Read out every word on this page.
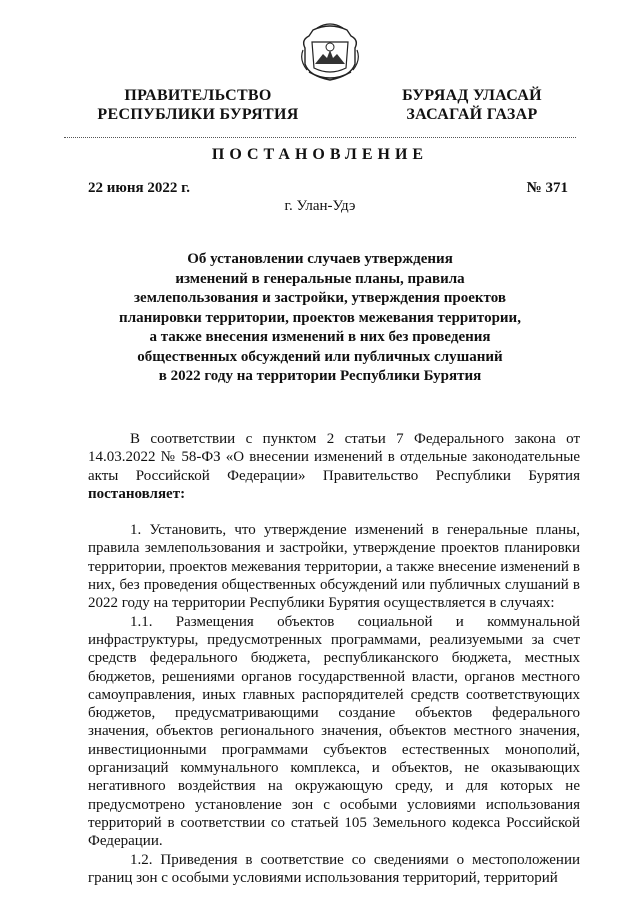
ПРАВИТЕЛЬСТВО
РЕСПУБЛИКИ БУРЯТИЯ
БУРЯАД УЛАСАЙ
ЗАСАГАЙ ГАЗАР
ПОСТАНОВЛЕНИЕ
22 июня 2022 г.	№ 371
г. Улан-Удэ
Об установлении случаев утверждения
изменений в генеральные планы, правила
землепользования и застройки, утверждения проектов
планировки территории, проектов межевания территории,
а также внесения изменений в них без проведения
общественных обсуждений или публичных слушаний
в 2022 году на территории Республики Бурятия

В соответствии с пунктом 2 статьи 7 Федерального закона от 14.03.2022 № 58-ФЗ «О внесении изменений в отдельные законодательные акты Российской Федерации» Правительство Республики Бурятия постановляет:

1. Установить, что утверждение изменений в генеральные планы, правила землепользования и застройки, утверждение проектов планировки территории, проектов межевания территории, а также внесение изменений в них, без проведения общественных обсуждений или публичных слушаний в 2022 году на территории Республики Бурятия осуществляется в случаях:

1.1. Размещения объектов социальной и коммунальной инфраструктуры, предусмотренных программами, реализуемыми за счет средств федерального бюджета, республиканского бюджета, местных бюджетов, решениями органов государственной власти, органов местного самоуправления, иных главных распорядителей средств соответствующих бюджетов, предусматривающими создание объектов федерального значения, объектов регионального значения, объектов местного значения, инвестиционными программами субъектов естественных монополий, организаций коммунального комплекса, и объектов, не оказывающих негативного воздействия на окружающую среду, и для которых не предусмотрено установление зон с особыми условиями использования территорий в соответствии со статьей 105 Земельного кодекса Российской Федерации.

1.2. Приведения в соответствие со сведениями о местоположении границ зон с особыми условиями использования территорий, территорий
